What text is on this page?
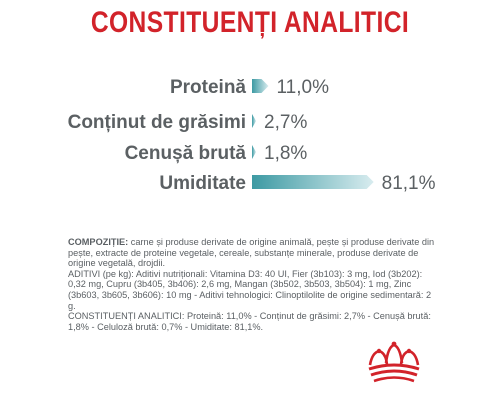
CONSTITUENȚI ANALITICI
Proteină 11,0%
Conținut de grăsimi 2,7%
Cenușă brută 1,8%
Umiditate	81,1%

COMPOZIȚIE: carne și produse derivate de origine animală, pește și produse derivate din pește, extracte de proteine vegetale, cereale, substanțe minerale, produse derivate de origine vegetală, drojdii.

ADITIVI (pe kg): Aditivi nutriționali: Vitamina D3: 40 UI, Fier (3b103): 3 mg, Iod (3b202): 0,32 mg, Cupru (3b405, 3b406): 2,6 mg, Mangan (3b502, 3b503, 3b504): 1 mg, Zinc (3b603, 3b605, 3b606): 10 mg - Aditivi tehnologici: Clinoptilolite de origine sedimentară: 2 g.

CONSTITUENȚI ANALITICI: Proteină: 11,0% - Conținut de grăsimi: 2,7% - Cenușă brută: 1,8% - Celuloză brută: 0,7% - Umiditate: 81,1%.
